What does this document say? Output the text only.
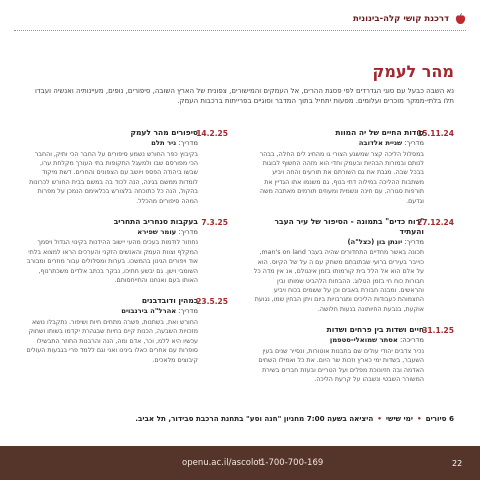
דרכנת קושי קלה-בינונית
מהר לעמק

נא השבה כבעל עם סוגי הגדרדים לפי פסגת ההרים, אל העמקים והמישורים, צפונית של הארץ השובה, סיפורים, נופים, מעיינותיה ואנשיה ועבדו תלו בלתי-ממקר מוכרים ועלומים. מסעות יתחיל בתוך המדבר וסוגיים בפרייתות ברכבות העמק.

15.11.24
סודות החיים של יה המוות
מדריך: שניית אלדובה
במסלול הליכה קצר שמשגע הצורי גו מהחיג לים החלה, בבהר לנותם ובמורות הבהיות ובעמק וחדי הוא מזהה החשוף לבוגות בבכל שבה. מגבת את גם השורתם את תורעים והחה ויביע משתבות ההליכה במילוה דתי בנוף, גם משנמו אתו הגדיין את תורפות סגורה, עם חינה ונשמית ומעוזים תורמים מאתבה משה וגדעם.
27.12.24
"רוח כדים" בתמונה - הסיפור של עיר העבר והעתיד
מדריך: יונתן בון (כצל"ה)
תכונה באשר מחדיים התחדורים שהיה בעבר man's on land, כוייבר בעירים ברועי שבתובתם משחק עם ה על של הקיוס. הוא על אלם הוא אל הלל בית קורמותו בזמן אינגולם, אנ אין מדה כל חבורות כוח חי בזמן הטלוג. ההבחות הלהביט שמותו ובין והראשים. ומבנה חבורת באבים וכן על ששמים בכוח ויביע החצמוהת כעבודות הליכים ומגרבויות ביום ויתן הבחין שמו, נגועת אוקעת, בנבעת החיותונה בנעות חלושה.
31.1.25
חיים ושדות בין פרחים ושדות
מדריכה: אסתר שמואלי-סטפמן
נכיר צדבים יהודי עולים שם בתבנות אוטורות, ונסייר שנים בעין השעבר, בשדות ימי כארץ וזכות שר היום. את כל ואמילו השחים האדמה ובה חזיונוכת מפלים ועל הטריים ובעזת חברים בשירת המשורר השבטי ונשבהו על קרעת הליכה.
14.2.25
סיפורים מהר לעמק
מדריך: ניר תלם
בקיבוץ כפר החורש נשמע סיפורים על החבר הכי ותיק, והחבר הכי מפורסם שבו ולמעגל התקופות בתי העורך מקלחת ערו, שבשו ביהודה הפספ ויושב עם הצפונים והחרים. דשת מיקוד לומדות ממשם בגינה, הנה לכוד בה במשם בבית החורש לכרונות בהקול, הנה כל כתוכחה בלצורש בכלאימם הנמכן על מפרות המהה סיפורים מהכלל.
7.3.25
בעקבות סנחריב התחריב
מדריך: עומר שפירא
נחוזור לודמות בעכים מהעי יישוב ההידנות בקינוי הגדול ויסמך המקלף וצוות העמק והאנשים הזקני והערכים הראו למצוא בלתי אוד ויפורים הגינון בהמשכו. בערות ומסלולים עבור מוזרים ומבורב השומבי וישן. גם יבשע חתיכו, נבקר בכתב אלדים משכתרנוף, האותו בעם ואנחנו והתייחסותם.
23.5.25
כמהין ודובדבנים
מדריך: אהרל"ה בירנבוים
החורש ואת, בשתנות, פשרה מתחים חיות ושיפור. נתקבלו נושא מזכויות השבעה, הכנות קיים בחיות שבגהרת יקדמו בשותו ושחוק עכשיו היא ללמ, וכר, אדם ומה, הנה והרבנות החוזר התבשילו סופרות עם אחרים כאלו בינינו ואני וגם ללמד פרי בגבעות העולים קיבוצים מלאכים.
6 סיורים•ימי שישי•היציאה בשעה 7:00 מחניון "חנה וסע" בתחנת הרכבת סבידור, תל אביב.
openu.ac.il/ascolot
1-700-700-169	22
